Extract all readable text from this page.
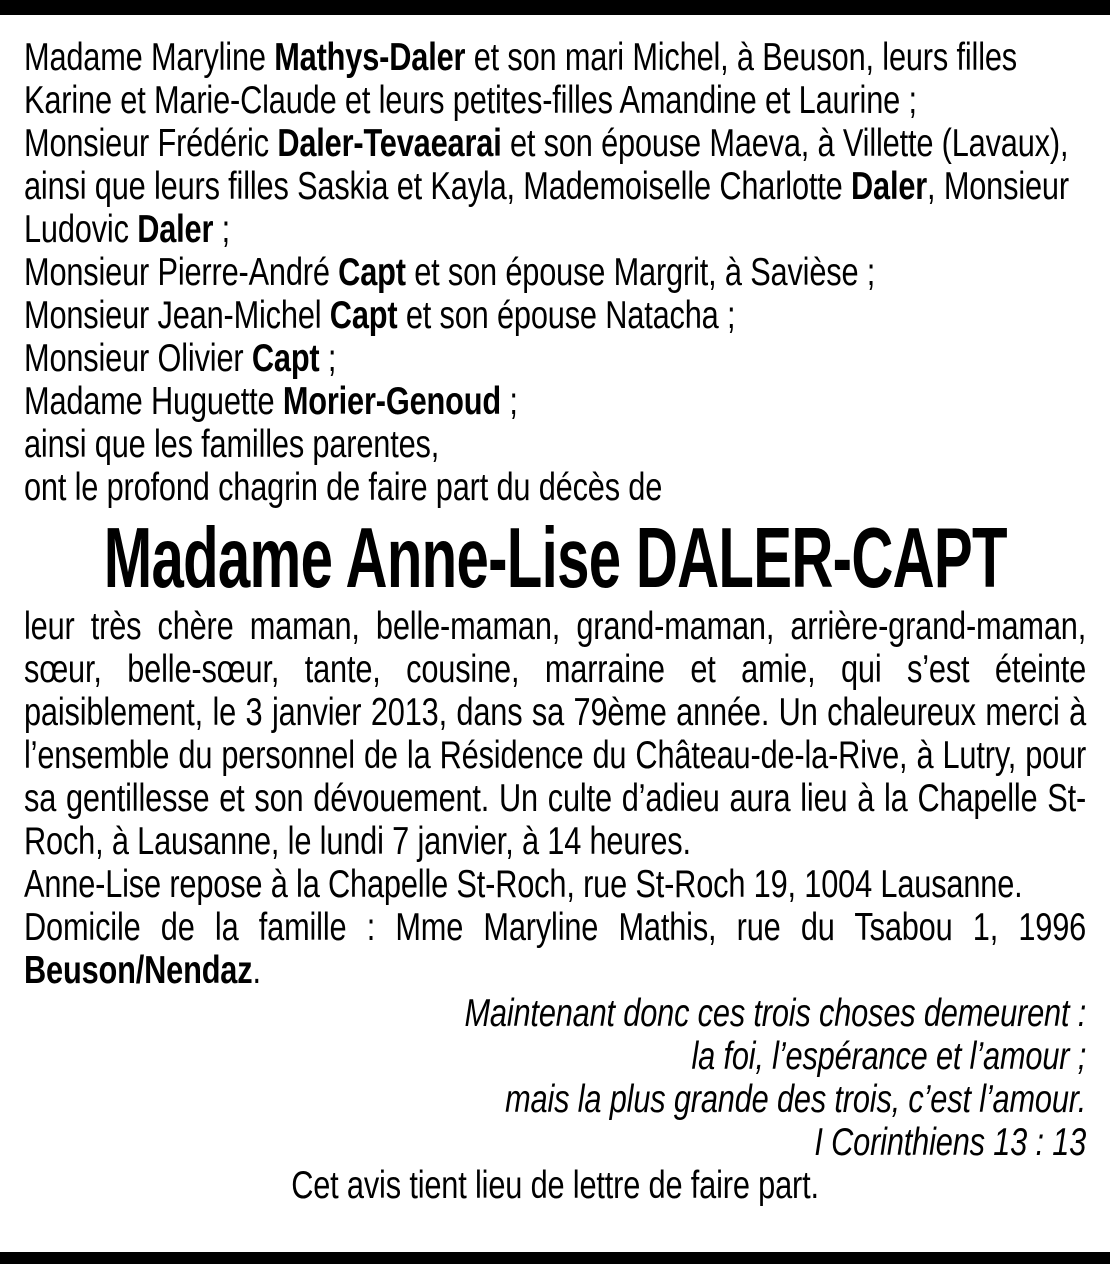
Madame Maryline Mathys-Daler et son mari Michel, à Beuson, leurs filles Karine et Marie-Claude et leurs petites-filles Amandine et Laurine ;

Monsieur Frédéric Daler-Tevaearai et son épouse Maeva, à Villette (Lavaux), ainsi que leurs filles Saskia et Kayla, Mademoiselle Charlotte Daler, Monsieur Ludovic Daler ;

Monsieur Pierre-André Capt et son épouse Margrit, à Savièse ;

Monsieur Jean-Michel Capt et son épouse Natacha ;

Monsieur Olivier Capt ;

Madame Huguette Morier-Genoud ;

ainsi que les familles parentes,

ont le profond chagrin de faire part du décès de

Madame Anne-Lise DALER-CAPT

leur très chère maman, belle-maman, grand-maman, arrière-grand-maman, sœur, belle-sœur, tante, cousine, marraine et amie, qui s’est éteinte paisiblement, le 3 janvier 2013, dans sa 79ème année. Un chaleureux merci à l’ensemble du personnel de la Résidence du Château-de-la-Rive, à Lutry, pour sa gentillesse et son dévouement. Un culte d’adieu aura lieu à la Chapelle St-Roch, à Lausanne, le lundi 7 janvier, à 14 heures.

Anne-Lise repose à la Chapelle St-Roch, rue St-Roch 19, 1004 Lausanne.

Domicile de la famille : Mme Maryline Mathis, rue du Tsabou 1, 1996 Beuson/Nendaz.

Maintenant donc ces trois choses demeurent :

la foi, l’espérance et l’amour ;

mais la plus grande des trois, c’est l’amour.

I Corinthiens 13 : 13

Cet avis tient lieu de lettre de faire part.
